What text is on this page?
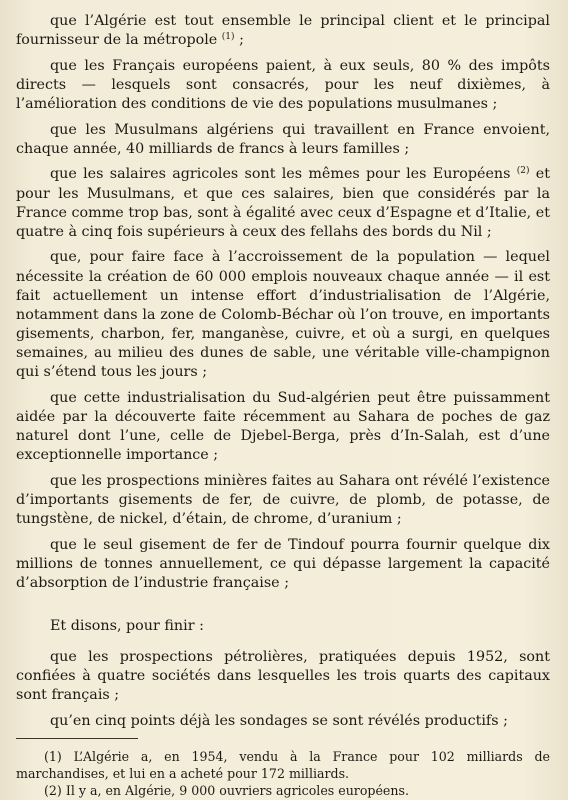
que l’Algérie est tout ensemble le principal client et le principal fournisseur de la métropole $^{(1)}$ ;

que les Français européens paient, à eux seuls, 80 % des impôts directs — lesquels sont consacrés, pour les neuf dixièmes, à l’amélioration des conditions de vie des populations musulmanes ;

que les Musulmans algériens qui travaillent en France envoient, chaque année, 40 milliards de francs à leurs familles ;

que les salaires agricoles sont les mêmes pour les Européens $^{(2)}$ et pour les Musulmans, et que ces salaires, bien que considérés par la France comme trop bas, sont à égalité avec ceux d’Espagne et d’Italie, et quatre à cinq fois supérieurs à ceux des fellahs des bords du Nil ;

que, pour faire face à l’accroissement de la population — lequel nécessite la création de 60 000 emplois nouveaux chaque année — il est fait actuellement un intense effort d’industrialisation de l’Algérie, notamment dans la zone de Colomb-Béchar où l’on trouve, en importants gisements, charbon, fer, manganèse, cuivre, et où a surgi, en quelques semaines, au milieu des dunes de sable, une véritable ville-champignon qui s’étend tous les jours ;

que cette industrialisation du Sud-algérien peut être puissamment aidée par la découverte faite récemment au Sahara de poches de gaz naturel dont l’une, celle de Djebel-Berga, près d’In-Salah, est d’une exceptionnelle importance ;

que les prospections minières faites au Sahara ont révélé l’existence d’importants gisements de fer, de cuivre, de plomb, de potasse, de tungstène, de nickel, d’étain, de chrome, d’uranium ;

que le seul gisement de fer de Tindouf pourra fournir quelque dix millions de tonnes annuellement, ce qui dépasse largement la capacité d’absorption de l’industrie française ;

Et disons, pour finir :

que les prospections pétrolières, pratiquées depuis 1952, sont confiées à quatre sociétés dans lesquelles les trois quarts des capitaux sont français ;

qu’en cinq points déjà les sondages se sont révélés productifs ;

(1) L’Algérie a, en 1954, vendu à la France pour 102 milliards de marchandises, et lui en a acheté pour 172 milliards.

(2) Il y a, en Algérie, 9 000 ouvriers agricoles européens.
